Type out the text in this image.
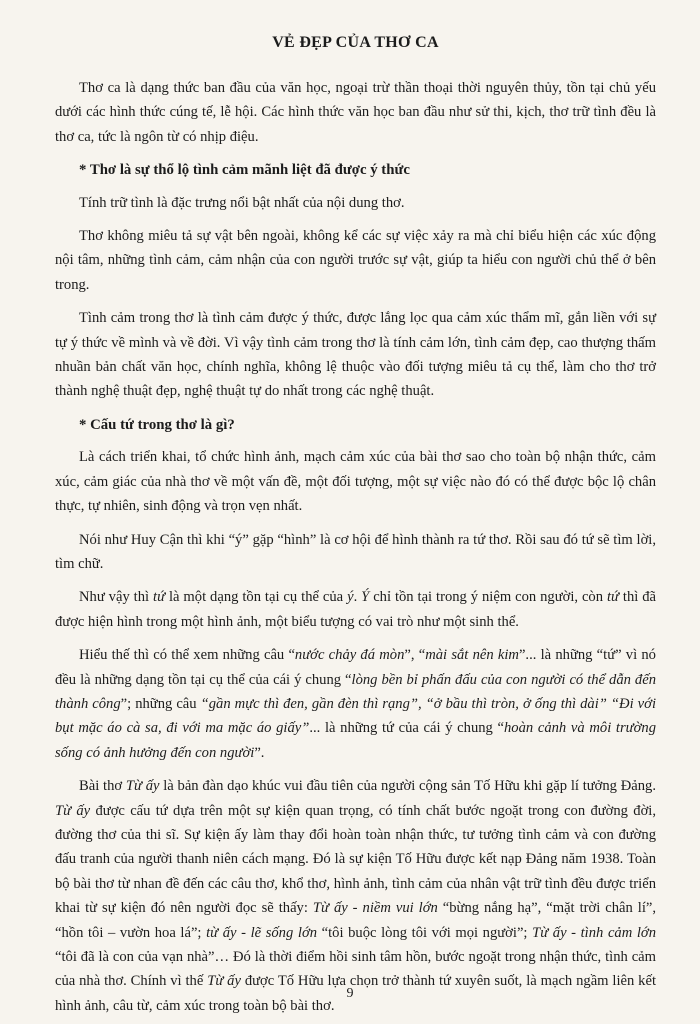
VẺ ĐẸP CỦA THƠ CA

Thơ ca là dạng thức ban đầu của văn học, ngoại trừ thần thoại thời nguyên thủy, tồn tại chủ yếu dưới các hình thức cúng tế, lễ hội. Các hình thức văn học ban đầu như sử thi, kịch, thơ trữ tình đều là thơ ca, tức là ngôn từ có nhịp điệu.

* Thơ là sự thổ lộ tình cảm mãnh liệt đã được ý thức

Tính trữ tình là đặc trưng nổi bật nhất của nội dung thơ.

Thơ không miêu tả sự vật bên ngoài, không kể các sự việc xảy ra mà chỉ biểu hiện các xúc động nội tâm, những tình cảm, cảm nhận của con người trước sự vật, giúp ta hiểu con người chủ thể ở bên trong.

Tình cảm trong thơ là tình cảm được ý thức, được lắng lọc qua cảm xúc thẩm mĩ, gắn liền với sự tự ý thức về mình và về đời. Vì vậy tình cảm trong thơ là tính cảm lớn, tình cảm đẹp, cao thượng thấm nhuần bản chất văn học, chính nghĩa, không lệ thuộc vào đối tượng miêu tả cụ thể, làm cho thơ trở thành nghệ thuật đẹp, nghệ thuật tự do nhất trong các nghệ thuật.

* Cấu tứ trong thơ là gì?

Là cách triển khai, tổ chức hình ảnh, mạch cảm xúc của bài thơ sao cho toàn bộ nhận thức, cảm xúc, cảm giác của nhà thơ về một vấn đề, một đối tượng, một sự việc nào đó có thể được bộc lộ chân thực, tự nhiên, sinh động và trọn vẹn nhất.

Nói như Huy Cận thì khi “ý” gặp “hình” là cơ hội để hình thành ra tứ thơ. Rồi sau đó tứ sẽ tìm lời, tìm chữ.

Như vậy thì tứ là một dạng tồn tại cụ thể của ý. Ý chỉ tồn tại trong ý niệm con người, còn tứ thì đã được hiện hình trong một hình ảnh, một biểu tượng có vai trò như một sinh thể.

Hiểu thế thì có thể xem những câu “nước chảy đá mòn”, “mài sắt nên kim”... là những “tứ” vì nó đều là những dạng tồn tại cụ thể của cái ý chung “lòng bền bỉ phấn đấu của con người có thể dẫn đến thành công”; những câu “gần mực thì đen, gần đèn thì rạng”, “ở bầu thì tròn, ở ống thì dài” “Đi với bụt mặc áo cà sa, đi với ma mặc áo giấy”... là những tứ của cái ý chung “hoàn cảnh và môi trường sống có ảnh hưởng đến con người”.

Bài thơ Từ ấy là bản đàn dạo khúc vui đầu tiên của người cộng sản Tố Hữu khi gặp lí tưởng Đảng. Từ ấy được cấu tứ dựa trên một sự kiện quan trọng, có tính chất bước ngoặt trong con đường đời, đường thơ của thi sĩ. Sự kiện ấy làm thay đổi hoàn toàn nhận thức, tư tưởng tình cảm và con đường đấu tranh của người thanh niên cách mạng. Đó là sự kiện Tố Hữu được kết nạp Đảng năm 1938. Toàn bộ bài thơ từ nhan đề đến các câu thơ, khổ thơ, hình ảnh, tình cảm của nhân vật trữ tình đều được triển khai từ sự kiện đó nên người đọc sẽ thấy: Từ ấy - niềm vui lớn “bừng nắng hạ”, “mặt trời chân lí”, “hồn tôi – vườn hoa lá”; từ ấy - lẽ sống lớn “tôi buộc lòng tôi với mọi người”; Từ ấy - tình cảm lớn “tôi đã là con của vạn nhà”… Đó là thời điểm hồi sinh tâm hồn, bước ngoặt trong nhận thức, tình cảm của nhà thơ. Chính vì thế Từ ấy được Tố Hữu lựa chọn trở thành tứ xuyên suốt, là mạch ngầm liên kết hình ảnh, câu từ, cảm xúc trong toàn bộ bài thơ.

9
